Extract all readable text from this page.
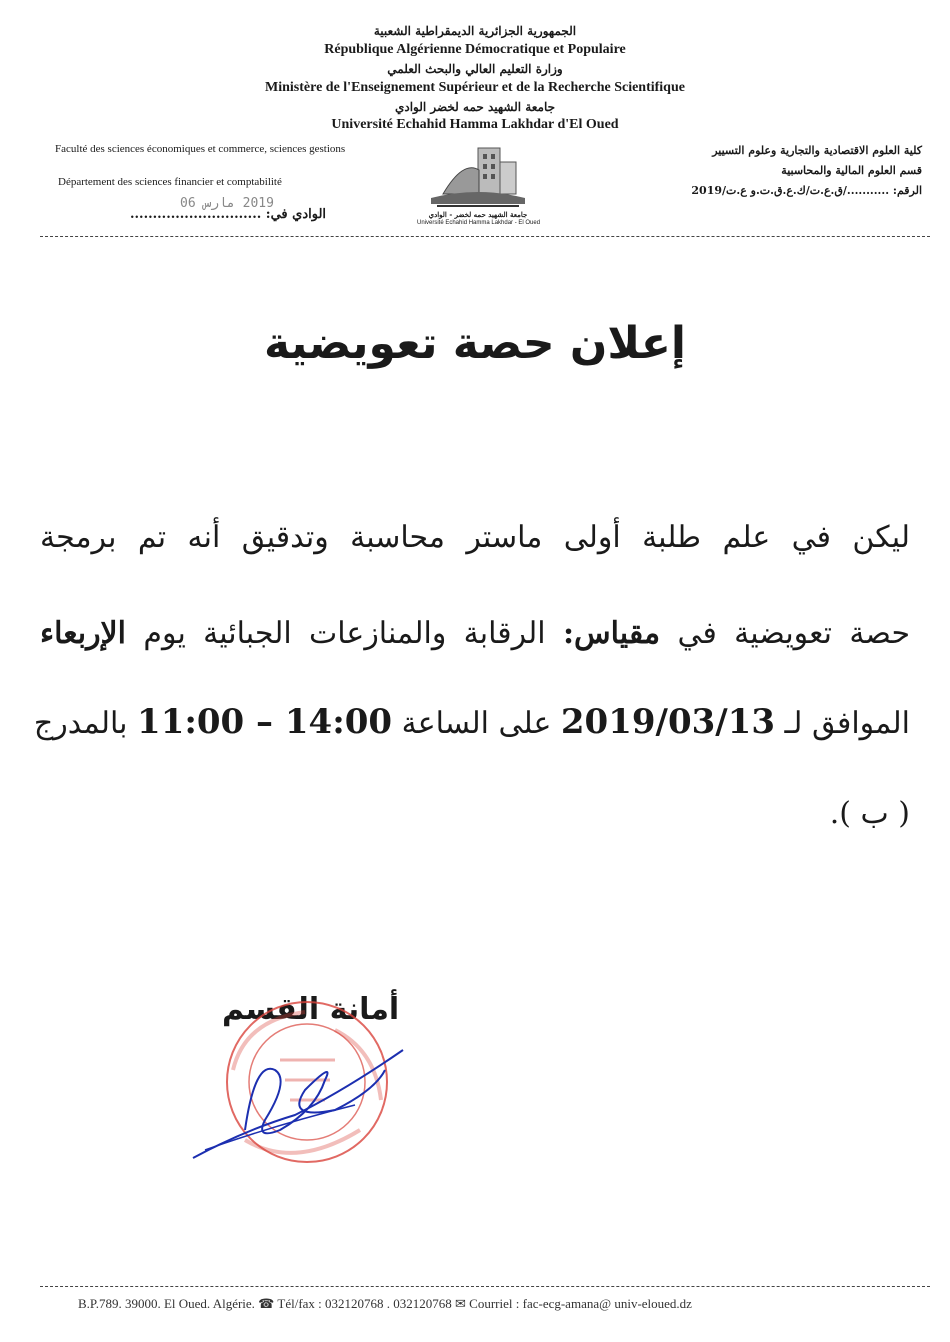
الجمهورية الجزائرية الديمقراطية الشعبية
République Algérienne Démocratique et Populaire
وزارة التعليم العالي والبحث العلمي
Ministère de l'Enseignement Supérieur et de la Recherche Scientifique
جامعة الشهيد حمه لخضر الوادي
Université Echahid Hamma Lakhdar d'El Oued
Faculté des sciences économiques et commerce, sciences gestions
Département des sciences financier et comptabilité
2019 مارس 06
الوادي في: .............................	جامعة الشهيد حمه لخضر - الوادي
Université Echahid Hamma Lakhdar - El Oued
كلية العلوم الاقتصادية والتجارية وعلوم التسيير
قسم العلوم المالية والمحاسبية
الرقم: .........../ق.ع.ت/ك.ع.ق.ت.و ع.ت/2019
إعلان حصة تعويضية
ليكن في علم طلبة أولى ماستر محاسبة وتدقيق أنه تم برمجة
حصة تعويضية في مقياس: الرقابة والمنازعات الجبائية يوم الإربعاء
الموافق لـ 2019/03/13 على الساعة 11:00 – 14:00 بالمدرج
( ب ).
أمانة القسم
B.P.789. 39000. El Oued. Algérie. ☎ Tél/fax : 032120768 . 032120768 ✉ Courriel : fac-ecg-amana@ univ-eloued.dz
